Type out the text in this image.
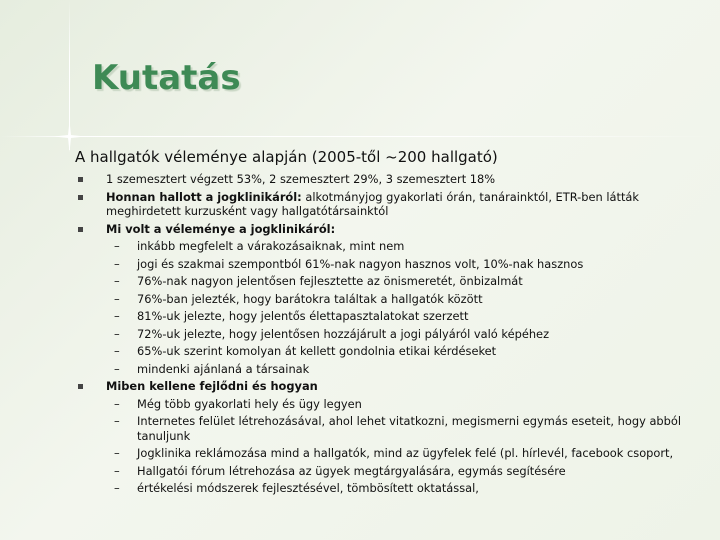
Kutatás

A hallgatók véleménye alapján (2005-től ~200 hallgató)

1 szemesztert végzett 53%, 2 szemesztert 29%, 3 szemesztert 18%
Honnan hallott a jogklinikáról: alkotmányjog gyakorlati órán, tanárainktól, ETR-ben látták meghirdetett kurzusként vagy hallgatótársainktól
Mi volt a véleménye a jogklinikáról:
– inkább megfelelt a várakozásaiknak, mint nem
– jogi és szakmai szempontból 61%-nak nagyon hasznos volt, 10%-nak hasznos
– 76%-nak nagyon jelentősen fejlesztette az önismeretét, önbizalmát
– 76%-ban jelezték, hogy barátokra találtak a hallgatók között
– 81%-uk jelezte, hogy jelentős élettapasztalatokat szerzett
– 72%-uk jelezte, hogy jelentősen hozzájárult a jogi pályáról való képéhez
– 65%-uk szerint komolyan át kellett gondolnia etikai kérdéseket
– mindenki ajánlaná a társainak
Miben kellene fejlődni és hogyan
– Még több gyakorlati hely és ügy legyen
– Internetes felület létrehozásával, ahol lehet vitatkozni, megismerni egymás eseteit, hogy abból tanuljunk
– Jogklinika reklámozása mind a hallgatók, mind az ügyfelek felé (pl. hírlevél, facebook csoport,
– Hallgatói fórum létrehozása az ügyek megtárgyalására, egymás segítésére
– értékelési módszerek fejlesztésével, tömbösített oktatással,
